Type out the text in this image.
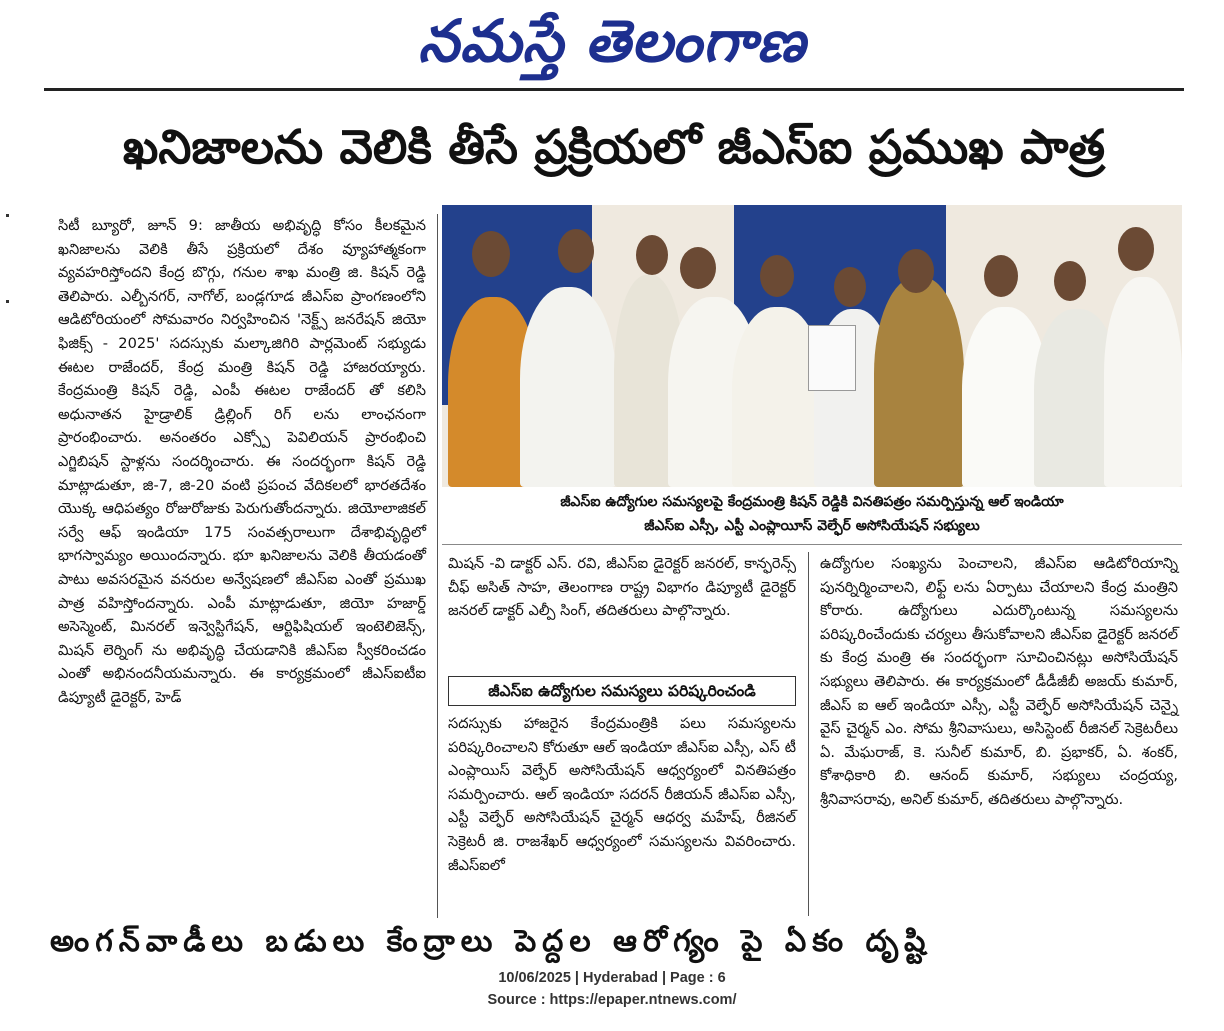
నమస్తే తెలంగాణ
ఖనిజాలను వెలికి తీసే ప్రక్రియలో జీఎస్ఐ ప్రముఖ పాత్ర

సిటీ బ్యూరో, జూన్ 9: జాతీయ అభివృద్ధి కోసం కీలకమైన ఖనిజాలను వెలికి తీసే ప్రక్రియలో దేశం వ్యూహాత్మకంగా వ్యవహరిస్తోందని కేంద్ర బొగ్గు, గనుల శాఖ మంత్రి జి. కిషన్ రెడ్డి తెలిపారు. ఎల్బీనగర్, నాగోల్, బండ్లగూడ జీఎస్ఐ ప్రాంగణంలోని ఆడిటోరియంలో సోమవారం నిర్వహించిన 'నెక్ట్స్ జనరేషన్ జియో ఫిజిక్స్ - 2025' సదస్సుకు మల్కాజిగిరి పార్లమెంట్ సభ్యుడు ఈటల రాజేందర్, కేంద్ర మంత్రి కిషన్ రెడ్డి హాజరయ్యారు. కేంద్రమంత్రి కిషన్ రెడ్డి, ఎంపీ ఈటల రాజేందర్ తో కలిసి అధునాతన హైడ్రాలిక్ డ్రిల్లింగ్ రిగ్ లను లాంఛనంగా ప్రారంభించారు. అనంతరం ఎక్స్పో పెవిలియన్ ప్రారంభించి ఎగ్జిబిషన్ స్టాళ్లను సందర్శించారు. ఈ సందర్భంగా కిషన్ రెడ్డి మాట్లాడుతూ, జి-7, జి-20 వంటి ప్రపంచ వేదికలలో భారతదేశం యొక్క ఆధిపత్యం రోజురోజుకు పెరుగుతోందన్నారు. జియోలాజికల్ సర్వే ఆఫ్ ఇండియా 175 సంవత్సరాలుగా దేశాభివృద్ధిలో భాగస్వామ్యం అయిందన్నారు. భూ ఖనిజాలను వెలికి తీయడంతో పాటు అవసరమైన వనరుల అన్వేషణలో జీఎస్ఐ ఎంతో ప్రముఖ పాత్ర వహిస్తోందన్నారు. ఎంపీ మాట్లాడుతూ, జియో హజార్డ్ అసెస్మెంట్, మినరల్ ఇన్వెస్టిగేషన్, ఆర్టిఫిషియల్ ఇంటెలిజెన్స్, మిషన్ లెర్నింగ్ ను అభివృద్ధి చేయడానికి జీఎస్ఐ స్వీకరించడం ఎంతో అభినందనీయమన్నారు. ఈ కార్యక్రమంలో జీఎస్ఐటీఐ డిప్యూటీ డైరెక్టర్, హెడ్

జీఎస్ఐ ఉద్యోగుల సమస్యలపై కేంద్రమంత్రి కిషన్ రెడ్డికి వినతిపత్రం సమర్పిస్తున్న ఆల్ ఇండియా
జీఎస్ఐ ఎస్సీ, ఎస్టీ ఎంప్లాయీస్ వెల్ఫేర్ అసోసియేషన్ సభ్యులు

మిషన్ -వి డాక్టర్ ఎస్. రవి, జీఎస్ఐ డైరెక్టర్ జనరల్, కాన్ఫరెన్స్ చీఫ్ అసిత్ సాహ, తెలంగాణ రాష్ట్ర విభాగం డిప్యూటీ డైరెక్టర్ జనరల్ డాక్టర్ ఎల్పీ సింగ్, తదితరులు పాల్గొన్నారు.

జీఎస్ఐ ఉద్యోగుల సమస్యలు పరిష్కరించండి

సదస్సుకు హాజరైన కేంద్రమంత్రికి పలు సమస్యలను పరిష్కరించాలని కోరుతూ ఆల్ ఇండియా జీఎస్ఐ ఎస్సీ, ఎస్ టీ ఎంప్లాయిస్ వెల్ఫేర్ అసోసియేషన్ ఆధ్వర్యంలో వినతిపత్రం సమర్పించారు. ఆల్ ఇండియా సదరన్ రీజియన్ జీఎస్ఐ ఎస్సీ, ఎస్టీ వెల్ఫేర్ అసోసియేషన్ చైర్మన్ ఆధర్వ మహేష్, రీజినల్ సెక్రెటరీ జి. రాజశేఖర్ ఆధ్వర్యంలో సమస్యలను వివరించారు. జీఎస్ఐలో

ఉద్యోగుల సంఖ్యను పెంచాలని, జీఎస్ఐ ఆడిటోరియాన్ని పునర్నిర్మించాలని, లిఫ్ట్ లను ఏర్పాటు చేయాలని కేంద్ర మంత్రిని కోరారు. ఉద్యోగులు ఎదుర్కొంటున్న సమస్యలను పరిష్కరించేందుకు చర్యలు తీసుకోవాలని జీఎస్ఐ డైరెక్టర్ జనరల్ కు కేంద్ర మంత్రి ఈ సందర్భంగా సూచించినట్లు అసోసియేషన్ సభ్యులు తెలిపారు. ఈ కార్యక్రమంలో డీడీజీబీ అజయ్ కుమార్, జీఎస్ ఐ ఆల్ ఇండియా ఎస్సీ, ఎస్టీ వెల్ఫేర్ అసోసియేషన్ చెన్నై వైస్ చైర్మన్ ఎం. సోమ శ్రీనివాసులు, అసిస్టెంట్ రీజినల్ సెక్రెటరీలు ఏ. మేఘరాజ్, కె. సునీల్ కుమార్, బి. ప్రభాకర్, ఏ. శంకర్, కోశాధికారి బి. ఆనంద్ కుమార్, సభ్యులు చంద్రయ్య, శ్రీనివాసరావు, అనిల్ కుమార్, తదితరులు పాల్గొన్నారు.

అంగన్‌వాడీలు బడులు కేంద్రాలు పెద్దల ఆరోగ్యం పై ఏకం దృష్టి
10/06/2025 | Hyderabad | Page : 6
Source : https://epaper.ntnews.com/
